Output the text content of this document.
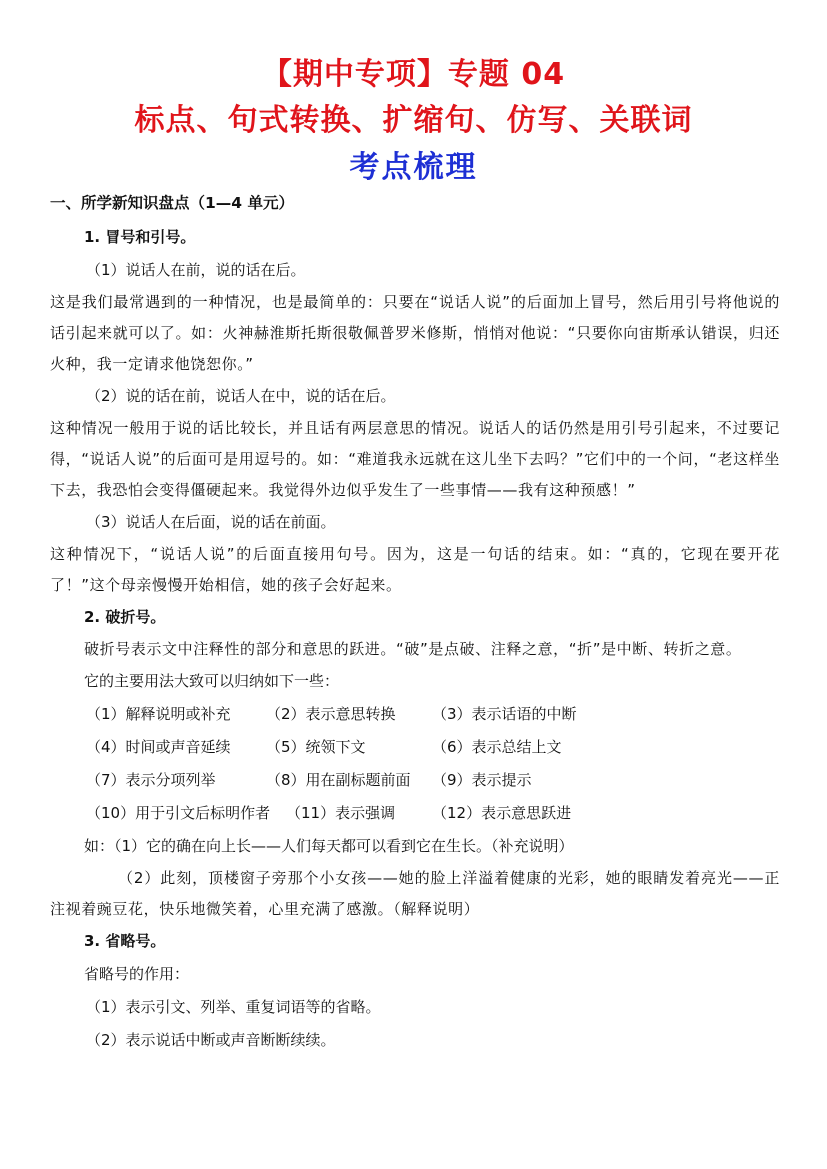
【期中专项】专题 04
标点、句式转换、扩缩句、仿写、关联词
考点梳理
一、所学新知识盘点（1—4 单元）
1. 冒号和引号。
（1）说话人在前，说的话在后。
这是我们最常遇到的一种情况，也是最简单的：只要在“说话人说”的后面加上冒号，然后用引号将他说的话引起来就可以了。如：火神赫淮斯托斯很敬佩普罗米修斯，悄悄对他说：“只要你向宙斯承认错误，归还火种，我一定请求他饶恕你。”
（2）说的话在前，说话人在中，说的话在后。
这种情况一般用于说的话比较长，并且话有两层意思的情况。说话人的话仍然是用引号引起来，不过要记得，“说话人说”的后面可是用逗号的。如：“难道我永远就在这儿坐下去吗？”它们中的一个问，“老这样坐下去，我恐怕会变得僵硬起来。我觉得外边似乎发生了一些事情——我有这种预感！”
（3）说话人在后面，说的话在前面。
这种情况下，“说话人说”的后面直接用句号。因为，这是一句话的结束。如：“真的，它现在要开花了！”这个母亲慢慢开始相信，她的孩子会好起来。
2. 破折号。
破折号表示文中注释性的部分和意思的跃进。“破”是点破、注释之意，“折”是中断、转折之意。
它的主要用法大致可以归纳如下一些：
（1）解释说明或补充	（2）表示意思转换	（3）表示话语的中断
（4）时间或声音延续	（5）统领下文	（6）表示总结上文
（7）表示分项列举	（8）用在副标题前面	（9）表示提示
（10）用于引文后标明作者	（11）表示强调	（12）表示意思跃进
如：（1）它的确在向上长——人们每天都可以看到它在生长。（补充说明）
（2）此刻，顶楼窗子旁那个小女孩——她的脸上洋溢着健康的光彩，她的眼睛发着亮光——正注视着豌豆花，快乐地微笑着，心里充满了感激。（解释说明）
3. 省略号。
省略号的作用：
（1）表示引文、列举、重复词语等的省略。
（2）表示说话中断或声音断断续续。
